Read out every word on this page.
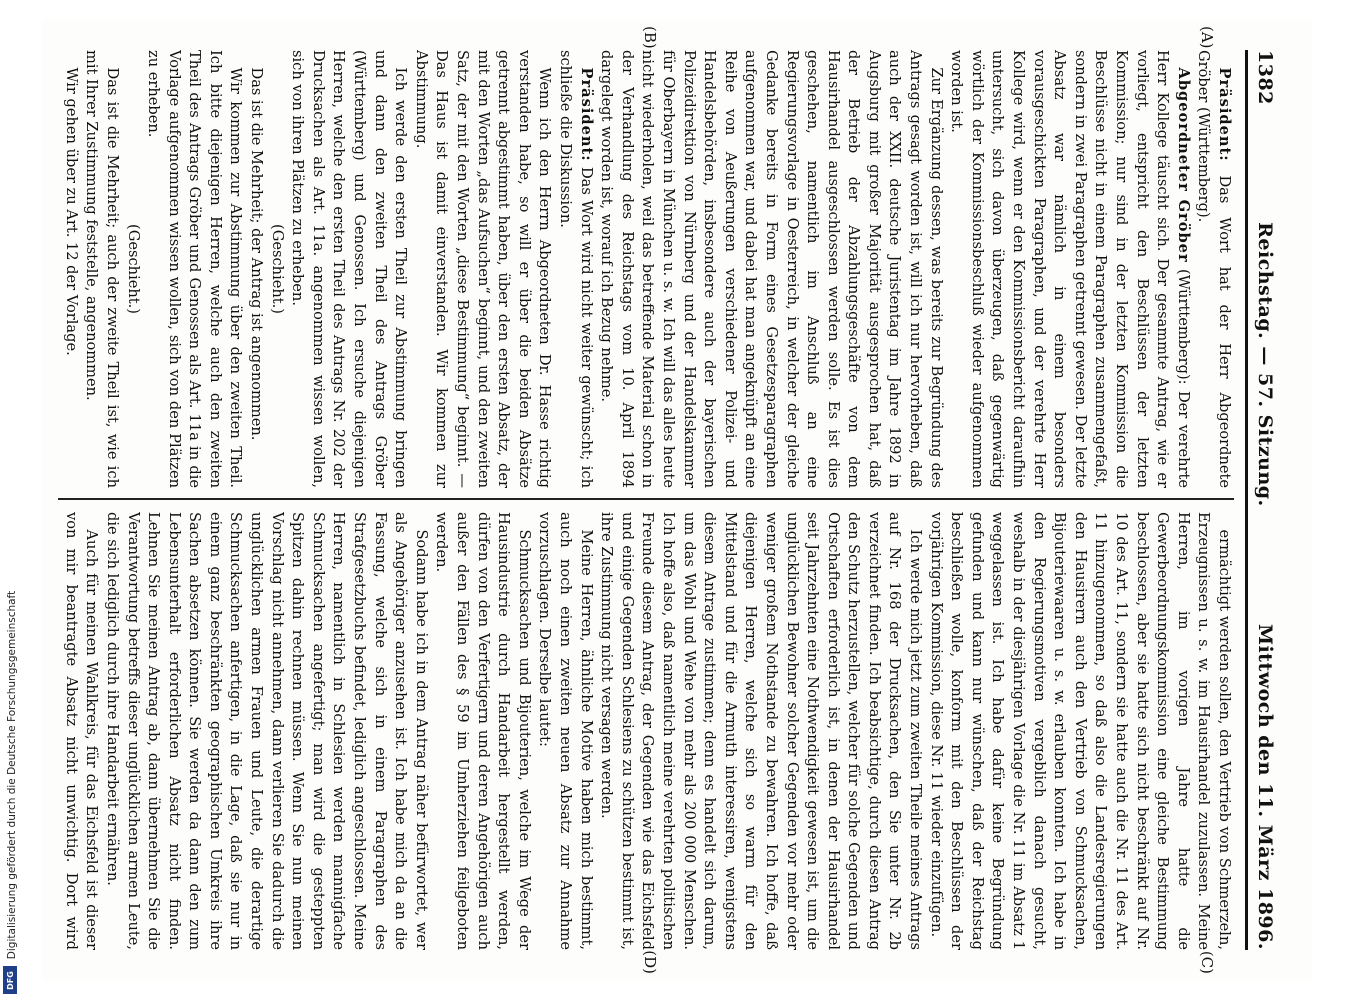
1382
Reichstag. — 57. Sitzung.
Mittwoch den 11. März 1896.
(A)
(B)
(C)
(D)

Präsident: Das Wort hat der Herr Abgeordnete Gröber (Württemberg).

Abgeordneter Gröber (Württemberg): Der verehrte Herr Kollege täuscht sich. Der gesammte Antrag, wie er vorliegt, entspricht den Beschlüssen der letzten Kommission; nur sind in der letzten Kommission die Beschlüsse nicht in einem Paragraphen zusammengefaßt, sondern in zwei Paragraphen getrennt gewesen. Der letzte Absatz war nämlich in einem besonders vorausgeschickten Paragraphen, und der verehrte Herr Kollege wird, wenn er den Kommissionsbericht daraufhin untersucht, sich davon überzeugen, daß gegenwärtig wörtlich der Kommissionsbeschluß wieder aufgenommen worden ist.

Zur Ergänzung dessen, was bereits zur Begründung des Antrags gesagt worden ist, will ich nur hervorheben, daß auch der XXII. deutsche Juristentag im Jahre 1892 in Augsburg mit großer Majorität ausgesprochen hat, daß der Betrieb der Abzahlungsgeschäfte von dem Hausirhandel ausgeschlossen werden solle. Es ist dies geschehen, namentlich im Anschluß an eine Regierungsvorlage in Oesterreich, in welcher der gleiche Gedanke bereits in Form eines Gesetzesparagraphen aufgenommen war, und dabei hat man angeknüpft an eine Reihe von Aeußerungen verschiedener Polizei- und Handelsbehörden, insbesondere auch der bayerischen Polizeidirektion von Nürnberg und der Handelskammer für Oberbayern in München u. s. w. Ich will das alles heute nicht wiederholen, weil das betreffende Material schon in der Verhandlung des Reichstags vom 10. April 1894 dargelegt worden ist, worauf ich Bezug nehme.

Präsident: Das Wort wird nicht weiter gewünscht; ich schließe die Diskussion.

Wenn ich den Herrn Abgeordneten Dr. Hasse richtig verstanden habe, so will er über die beiden Absätze getrennt abgestimmt haben, über den ersten Absatz, der mit den Worten „das Aufsuchen“ beginnt, und den zweiten Satz, der mit den Worten „diese Bestimmung“ beginnt. — Das Haus ist damit einverstanden. Wir kommen zur Abstimmung.

Ich werde den ersten Theil zur Abstimmung bringen und dann den zweiten Theil des Antrags Gröber (Württemberg) und Genossen. Ich ersuche diejenigen Herren, welche den ersten Theil des Antrags Nr. 202 der Drucksachen als Art. 11a. angenommen wissen wollen, sich von ihren Plätzen zu erheben.

(Geschieht.)

Das ist die Mehrheit; der Antrag ist angenommen.

Wir kommen zur Abstimmung über den zweiten Theil. Ich bitte diejenigen Herren, welche auch den zweiten Theil des Antrags Gröber und Genossen als Art. 11a in die Vorlage aufgenommen wissen wollen, sich von den Plätzen zu erheben.

(Geschieht.)

Das ist die Mehrheit; auch der zweite Theil ist, wie ich mit Ihrer Zustimmung feststelle, angenommen.

Wir gehen über zu Art. 12 der Vorlage.

ermächtigt werden sollen, den Vertrieb von Schmerzeln, Erzeugnissen u. s. w. im Hausirhandel zuzulassen. Meine Herren, im vorigen Jahre hatte die Gewerbeordnungskommission eine gleiche Bestimmung beschlossen, aber sie hatte sich nicht beschränkt auf Nr. 10 des Art. 11, sondern sie hatte auch die Nr. 11 des Art. 11 hinzugenommen, so daß also die Landesregierungen den Hausirern auch den Vertrieb von Schmucksachen, Bijouteriewaaren u. s. w. erlauben konnten. Ich habe in den Regierungsmotiven vergeblich danach gesucht, weshalb in der diesjährigen Vorlage die Nr. 11 im Absatz 1 weggelassen ist. Ich habe dafür keine Begründung gefunden und kann nur wünschen, daß der Reichstag beschließen wolle, konform mit den Beschlüssen der vorjährigen Kommission, diese Nr. 11 wieder einzufügen.

Ich werde mich jetzt zum zweiten Theile meines Antrags auf Nr. 168 der Drucksachen, den Sie unter Nr. 2b verzeichnet finden. Ich beabsichtige, durch diesen Antrag den Schutz herzustellen, welcher für solche Gegenden und Ortschaften erforderlich ist, in denen der Hausirhandel seit Jahrzehnten eine Nothwendigkeit gewesen ist, um die unglücklichen Bewohner solcher Gegenden vor mehr oder weniger großem Nothstande zu bewahren. Ich hoffe, daß diejenigen Herren, welche sich so warm für den Mittelstand und für die Armuth interessiren, wenigstens diesem Antrage zustimmen; denn es handelt sich darum, um das Wohl und Wehe von mehr als 200 000 Menschen. Ich hoffe also, daß namentlich meine verehrten politischen Freunde diesem Antrag, der Gegenden wie das Eichsfeld und einige Gegenden Schlesiens zu schützen bestimmt ist, ihre Zustimmung nicht versagen werden.

Meine Herren, ähnliche Motive haben mich bestimmt, auch noch einen zweiten neuen Absatz zur Annahme vorzuschlagen. Derselbe lautet:

Schmucksachen und Bijouterien, welche im Wege der Hausindustrie durch Handarbeit hergestellt werden, dürfen von den Verfertigern und deren Angehörigen auch außer den Fällen des § 59 im Umherziehen feilgeboten werden.

Sodann habe ich in dem Antrag näher befürwortet, wer als Angehöriger anzusehen ist. Ich habe mich da an die Fassung, welche sich in einem Paragraphen des Strafgesetzbuchs befindet, lediglich angeschlossen. Meine Herren, namentlich in Schlesien werden mannigfache Schmucksachen angefertigt; man wird die gesteppten Spitzen dahin rechnen müssen. Wenn Sie nun meinen Vorschlag nicht annehmen, dann verlieren Sie dadurch die unglücklichen armen Frauen und Leute, die derartige Schmucksachen anfertigen, in die Lage, daß sie nur in einem ganz beschränkten geographischen Umkreis ihre Sachen absetzen können. Sie werden da dann den zum Lebensunterhalt erforderlichen Absatz nicht finden. Lehnen Sie meinen Antrag ab, dann übernehmen Sie die Verantwortung betreffs dieser unglücklichen armen Leute, die sich lediglich durch ihre Handarbeit ernähren.

Auch für meinen Wahlkreis, für das Eichsfeld ist dieser von mir beantragte Absatz nicht unwichtig. Dort wird

Digitalisierung gefördert durch die Deutsche Forschungsgemeinschaft
DFG
